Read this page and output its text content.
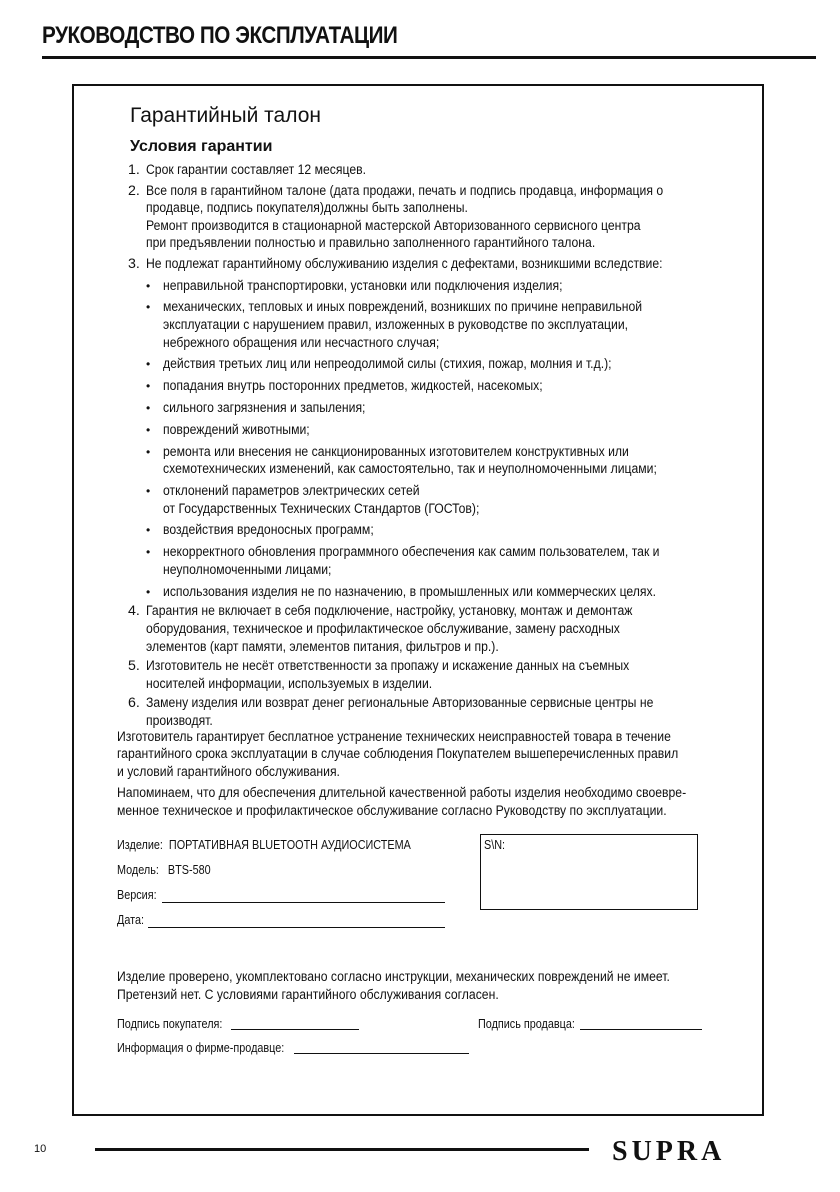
РУКОВОДСТВО ПО ЭКСПЛУАТАЦИИ
Гарантийный талон
Условия гарантии
1. Срок гарантии составляет 12 месяцев.
2. Все поля в гарантийном талоне (дата продажи, печать и подпись продавца, информация о
продавце, подпись покупателя)должны быть заполнены.
Ремонт производится в стационарной мастерской Авторизованного сервисного центра
при предъявлении полностью и правильно заполненного гарантийного талона.
3. Не подлежат гарантийному обслуживанию изделия с дефектами, возникшими вследствие:
• неправильной транспортировки, установки или подключения изделия;
• механических, тепловых и иных повреждений, возникших по причине неправильной
эксплуатации с нарушением правил, изложенных в руководстве по эксплуатации,
небрежного обращения или несчастного случая;
• действия третьих лиц или непреодолимой силы (стихия, пожар, молния и т.д.);
• попадания внутрь посторонних предметов, жидкостей, насекомых;
• сильного загрязнения и запыления;
• повреждений животными;
• ремонта или внесения не санкционированных изготовителем конструктивных или
схемотехнических изменений, как самостоятельно, так и неуполномоченными лицами;
• отклонений параметров электрических сетей
от Государственных Технических Стандартов (ГОСТов);
• воздействия вредоносных программ;
• некорректного обновления программного обеспечения как самим пользователем, так и
неуполномоченными лицами;
• использования изделия не по назначению, в промышленных или коммерческих целях.
4. Гарантия не включает в себя подключение, настройку, установку, монтаж и демонтаж
оборудования, техническое и профилактическое обслуживание, замену расходных
элементов (карт памяти, элементов питания, фильтров и пр.).
5. Изготовитель не несёт ответственности за пропажу и искажение данных на съемных
носителей информации, используемых в изделии.
6. Замену изделия или возврат денег региональные Авторизованные сервисные центры не
производят.
Изготовитель гарантирует бесплатное устранение технических неисправностей товара в течение
гарантийного срока эксплуатации в случае соблюдения Покупателем вышеперечисленных правил
и условий гарантийного обслуживания.
Напоминаем, что для обеспечения длительной качественной работы изделия необходимо своевре-
менное техническое и профилактическое обслуживание согласно Руководству по эксплуатации.
Изделие: ПОРТАТИВНАЯ BLUETOOTH АУДИОСИСТЕМА
Модель: BTS-580
Версия:
Дата:
S\N:
Изделие проверено, укомплектовано согласно инструкции, механических повреждений не имеет.
Претензий нет. С условиями гарантийного обслуживания согласен.
Подпись покупателя:	Подпись продавца:
Информация о фирме-продавце:
10	SUPRA
